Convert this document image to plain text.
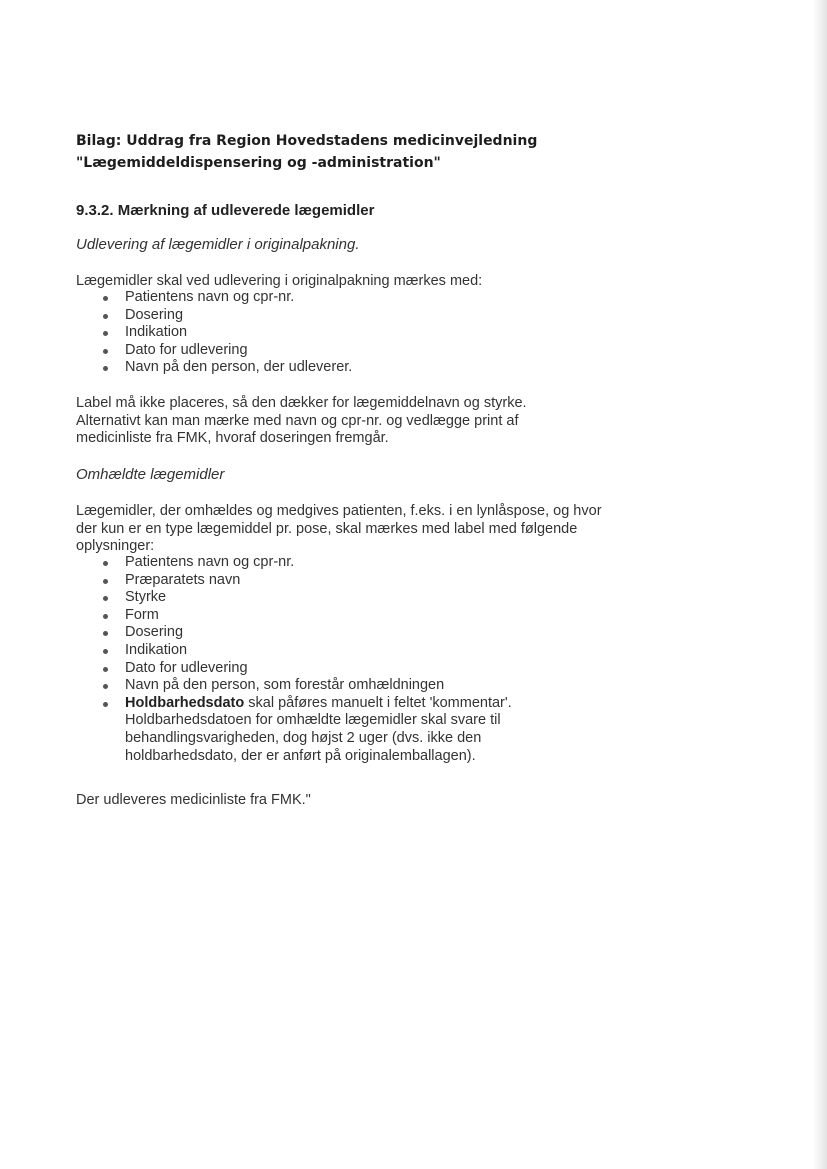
Bilag: Uddrag fra Region Hovedstadens medicinvejledning

"Lægemiddeldispensering og -administration"

9.3.2. Mærkning af udleverede lægemidler

Udlevering af lægemidler i originalpakning.

Lægemidler skal ved udlevering i originalpakning mærkes med:

Patientens navn og cpr-nr.
Dosering
Indikation
Dato for udlevering
Navn på den person, der udleverer.

Label må ikke placeres, så den dækker for lægemiddelnavn og styrke. Alternativt kan man mærke med navn og cpr-nr. og vedlægge print af medicinliste fra FMK, hvoraf doseringen fremgår.

Omhældte lægemidler

Lægemidler, der omhældes og medgives patienten, f.eks. i en lynlåspose, og hvor der kun er en type lægemiddel pr. pose, skal mærkes med label med følgende oplysninger:

Patientens navn og cpr-nr.
Præparatets navn
Styrke
Form
Dosering
Indikation
Dato for udlevering
Navn på den person, som forestår omhældningen
Holdbarhedsdato skal påføres manuelt i feltet 'kommentar'. Holdbarhedsdatoen for omhældte lægemidler skal svare til behandlingsvarigheden, dog højst 2 uger (dvs. ikke den holdbarhedsdato, der er anført på originalemballagen).

Der udleveres medicinliste fra FMK."
